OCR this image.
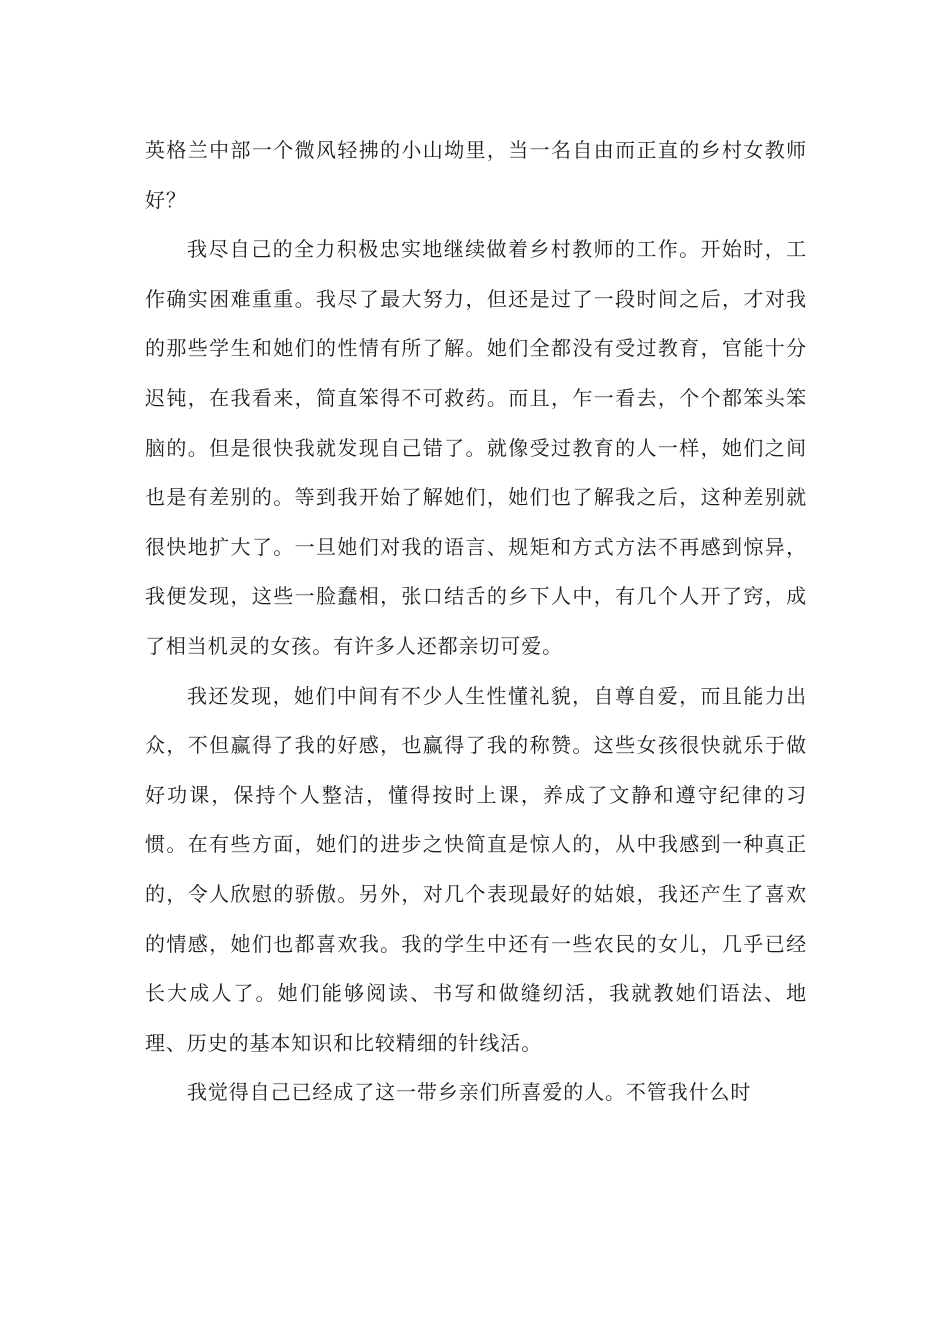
英格兰中部一个微风轻拂的小山坳里，当一名自由而正直的乡村女教师好？

我尽自己的全力积极忠实地继续做着乡村教师的工作。开始时，工作确实困难重重。我尽了最大努力，但还是过了一段时间之后，才对我的那些学生和她们的性情有所了解。她们全都没有受过教育，官能十分迟钝，在我看来，简直笨得不可救药。而且，乍一看去，个个都笨头笨脑的。但是很快我就发现自己错了。就像受过教育的人一样，她们之间也是有差别的。等到我开始了解她们，她们也了解我之后，这种差别就很快地扩大了。一旦她们对我的语言、规矩和方式方法不再感到惊异，我便发现，这些一脸蠢相，张口结舌的乡下人中，有几个人开了窍，成了相当机灵的女孩。有许多人还都亲切可爱。

我还发现，她们中间有不少人生性懂礼貌，自尊自爱，而且能力出众，不但赢得了我的好感，也赢得了我的称赞。这些女孩很快就乐于做好功课，保持个人整洁，懂得按时上课，养成了文静和遵守纪律的习惯。在有些方面，她们的进步之快简直是惊人的，从中我感到一种真正的，令人欣慰的骄傲。另外，对几个表现最好的姑娘，我还产生了喜欢的情感，她们也都喜欢我。我的学生中还有一些农民的女儿，几乎已经长大成人了。她们能够阅读、书写和做缝纫活，我就教她们语法、地理、历史的基本知识和比较精细的针线活。

我觉得自己已经成了这一带乡亲们所喜爱的人。不管我什么时
